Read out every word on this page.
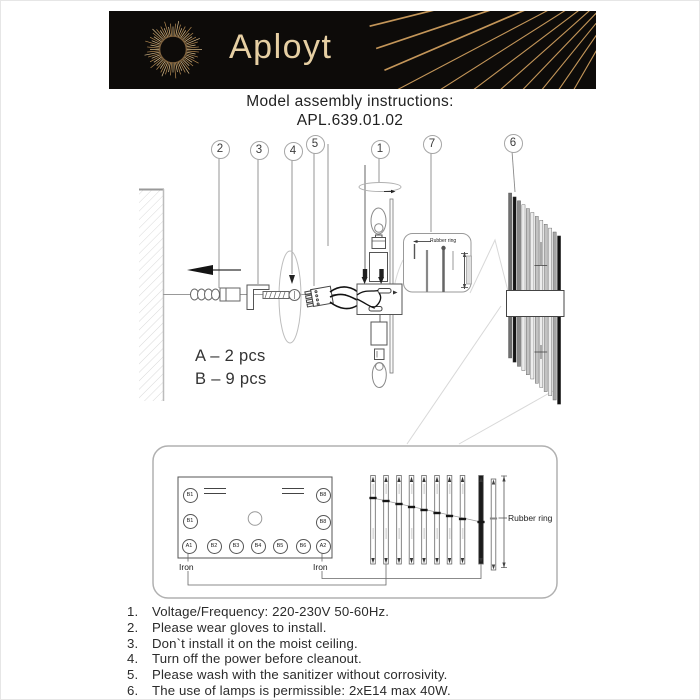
Aployt
Model assembly instructions:
APL.639.01.02
2	3	4
5	1	7	6
A – 2 pcs
B – 9 pcs
Rubber ring
Rubber ring
B1
B1
A1
B8
B8
A2
B2	B3	B4	B5	B6
Iron	Iron
1.	Voltage/Frequency: 220-230V 50-60Hz.
2.	Please wear gloves to install.
3.	Don`t install it on the moist ceiling.
4.	Turn off the power before cleanout.
5.	Please wash with the sanitizer without corrosivity.
6.	The use of lamps is permissible: 2xE14 max 40W.
